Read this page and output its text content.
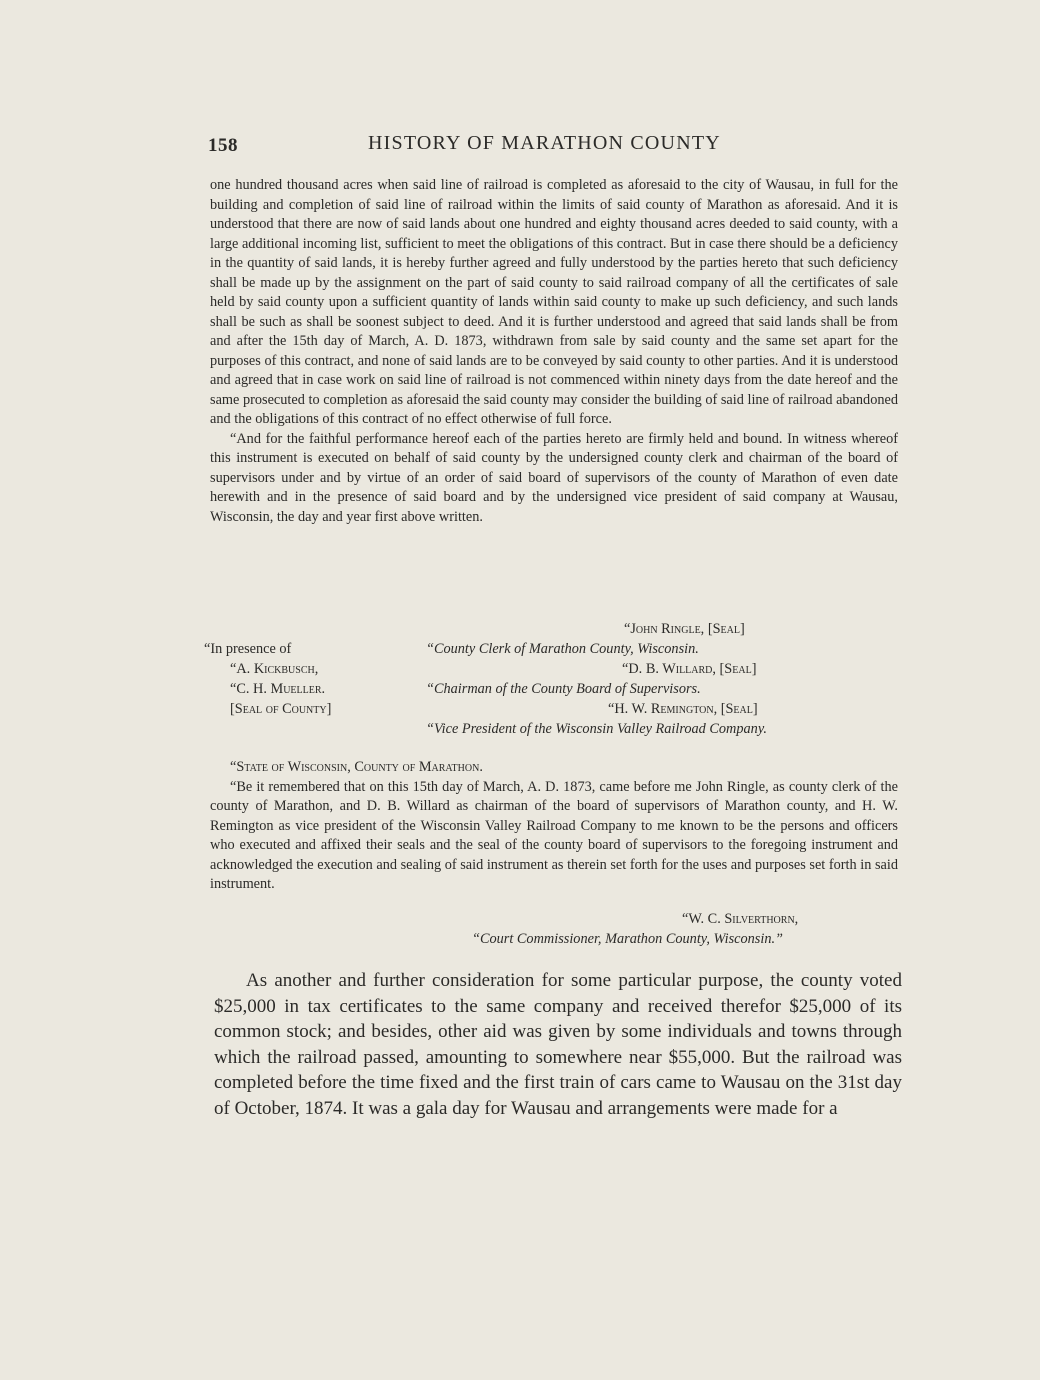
158	HISTORY OF MARATHON COUNTY

one hundred thousand acres when said line of railroad is completed as aforesaid to the city of Wausau, in full for the building and completion of said line of railroad within the limits of said county of Marathon as aforesaid. And it is understood that there are now of said lands about one hundred and eighty thousand acres deeded to said county, with a large additional incoming list, sufficient to meet the obligations of this contract. But in case there should be a deficiency in the quantity of said lands, it is hereby further agreed and fully understood by the parties hereto that such deficiency shall be made up by the assignment on the part of said county to said railroad company of all the certificates of sale held by said county upon a sufficient quantity of lands within said county to make up such deficiency, and such lands shall be such as shall be soonest subject to deed. And it is further understood and agreed that said lands shall be from and after the 15th day of March, A. D. 1873, withdrawn from sale by said county and the same set apart for the purposes of this contract, and none of said lands are to be conveyed by said county to other parties. And it is understood and agreed that in case work on said line of railroad is not commenced within ninety days from the date hereof and the same prosecuted to completion as aforesaid the said county may consider the building of said line of railroad abandoned and the obligations of this contract of no effect otherwise of full force.

“And for the faithful performance hereof each of the parties hereto are firmly held and bound. In witness whereof this instrument is executed on behalf of said county by the undersigned county clerk and chairman of the board of supervisors under and by virtue of an order of said board of supervisors of the county of Marathon of even date herewith and in the presence of said board and by the undersigned vice president of said company at Wausau, Wisconsin, the day and year first above written.

“John Ringle, [Seal]
“In presence of	“County Clerk of Marathon County, Wisconsin.
“A. Kickbusch,	“D. B. Willard, [Seal]
“C. H. Mueller.	“Chairman of the County Board of Supervisors.
[Seal of County]	“H. W. Remington, [Seal]
“Vice President of the Wisconsin Valley Railroad Company.

“State of Wisconsin, County of Marathon.

“Be it remembered that on this 15th day of March, A. D. 1873, came before me John Ringle, as county clerk of the county of Marathon, and D. B. Willard as chairman of the board of supervisors of Marathon county, and H. W. Remington as vice president of the Wisconsin Valley Railroad Company to me known to be the persons and officers who executed and affixed their seals and the seal of the county board of supervisors to the foregoing instrument and acknowledged the execution and sealing of said instrument as therein set forth for the uses and purposes set forth in said instrument.

“W. C. Silverthorn,
“Court Commissioner, Marathon County, Wisconsin.”

As another and further consideration for some particular purpose, the county voted $25,000 in tax certificates to the same company and received therefor $25,000 of its common stock; and besides, other aid was given by some individuals and towns through which the railroad passed, amounting to somewhere near $55,000. But the railroad was completed before the time fixed and the first train of cars came to Wausau on the 31st day of October, 1874. It was a gala day for Wausau and arrangements were made for a
